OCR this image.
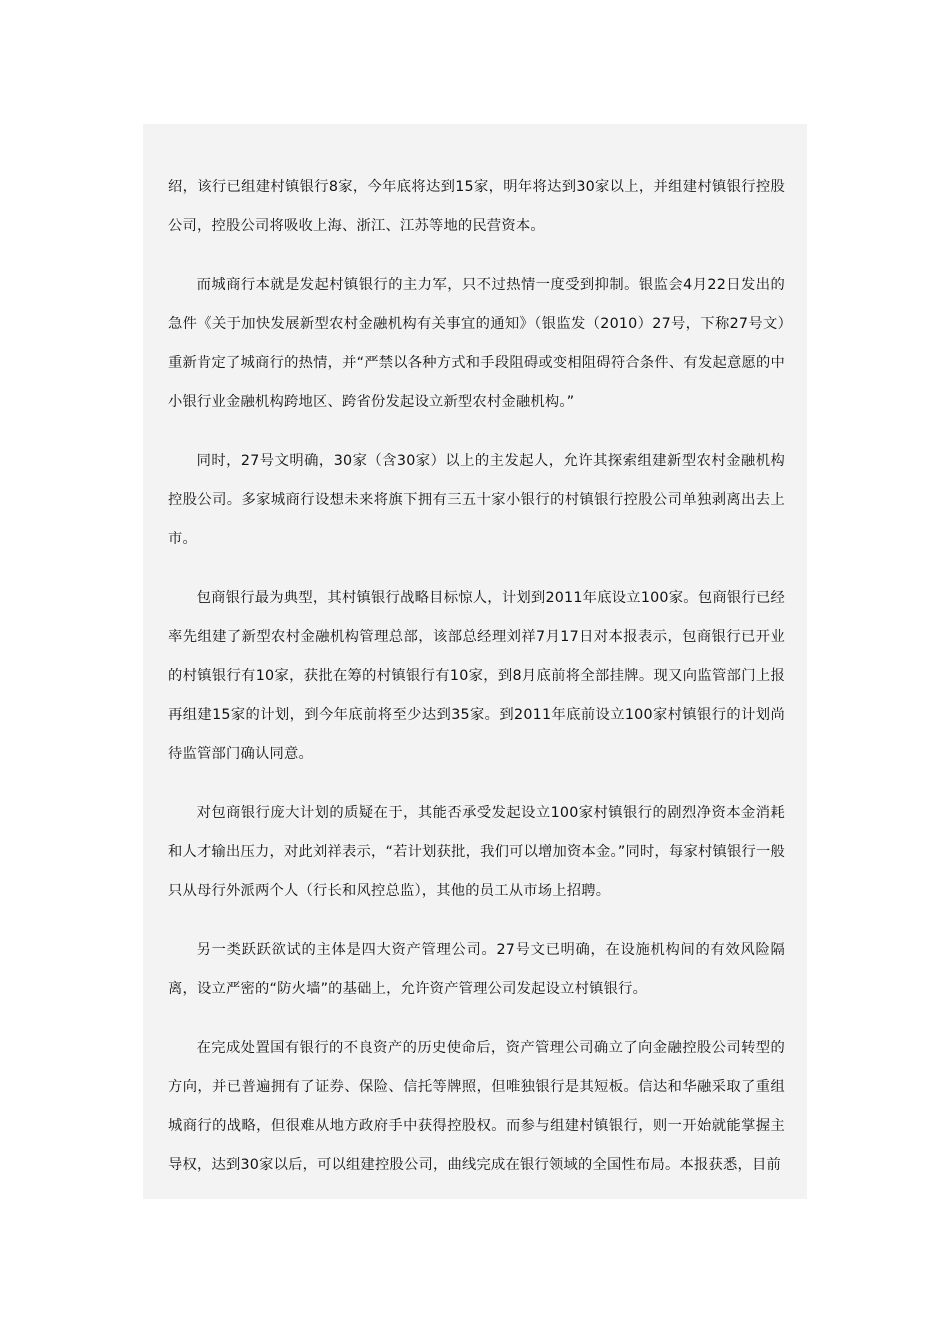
绍，该行已组建村镇银行8家，今年底将达到15家，明年将达到30家以上，并组建村镇银行控股公司，控股公司将吸收上海、浙江、江苏等地的民营资本。

而城商行本就是发起村镇银行的主力军，只不过热情一度受到抑制。银监会4月22日发出的急件《关于加快发展新型农村金融机构有关事宜的通知》（银监发（2010）27号，下称27号文）重新肯定了城商行的热情，并“严禁以各种方式和手段阻碍或变相阻碍符合条件、有发起意愿的中小银行业金融机构跨地区、跨省份发起设立新型农村金融机构。”

同时，27号文明确，30家（含30家）以上的主发起人，允许其探索组建新型农村金融机构控股公司。多家城商行设想未来将旗下拥有三五十家小银行的村镇银行控股公司单独剥离出去上市。

包商银行最为典型，其村镇银行战略目标惊人，计划到2011年底设立100家。包商银行已经率先组建了新型农村金融机构管理总部，该部总经理刘祥7月17日对本报表示，包商银行已开业的村镇银行有10家，获批在筹的村镇银行有10家，到8月底前将全部挂牌。现又向监管部门上报再组建15家的计划，到今年底前将至少达到35家。到2011年底前设立100家村镇银行的计划尚待监管部门确认同意。

对包商银行庞大计划的质疑在于，其能否承受发起设立100家村镇银行的剧烈净资本金消耗和人才输出压力，对此刘祥表示，“若计划获批，我们可以增加资本金。”同时，每家村镇银行一般只从母行外派两个人（行长和风控总监），其他的员工从市场上招聘。

另一类跃跃欲试的主体是四大资产管理公司。27号文已明确，在设施机构间的有效风险隔离，设立严密的“防火墙”的基础上，允许资产管理公司发起设立村镇银行。

在完成处置国有银行的不良资产的历史使命后，资产管理公司确立了向金融控股公司转型的方向，并已普遍拥有了证券、保险、信托等牌照，但唯独银行是其短板。信达和华融采取了重组城商行的战略，但很难从地方政府手中获得控股权。而参与组建村镇银行，则一开始就能掌握主导权，达到30家以后，可以组建控股公司，曲线完成在银行领域的全国性布局。本报获悉，目前
